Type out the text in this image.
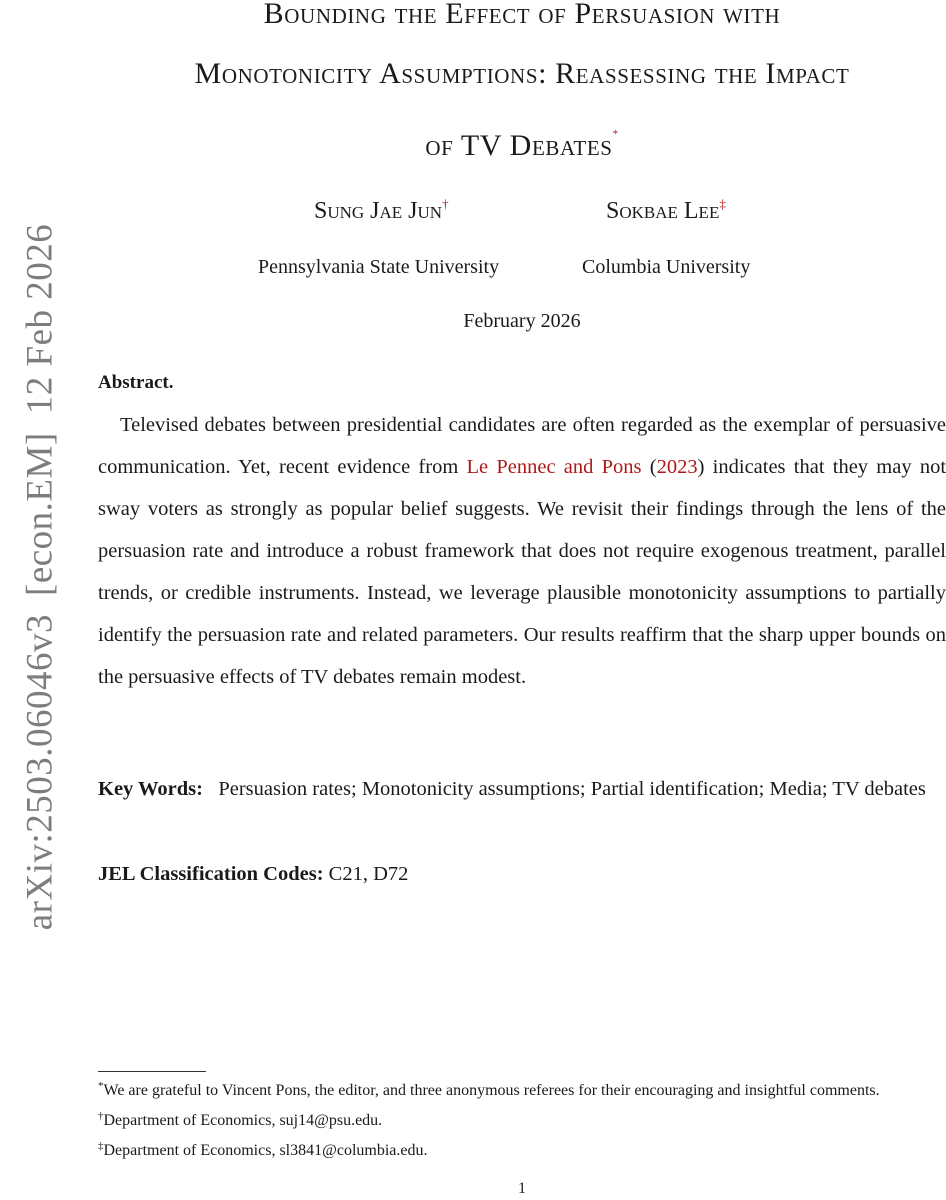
arXiv:2503.06046v3[econ.EM]12 Feb 2026
Bounding the Effect of Persuasion with
Monotonicity Assumptions: Reassessing the Impact
of TV Debates*
Sung Jae Jun†	Sokbae Lee‡
Pennsylvania State University	Columbia University
February 2026
Abstract.
Televised debates between presidential candidates are often regarded as the exemplar of persuasive communication. Yet, recent evidence from Le Pennec and Pons (2023) indicates that they may not sway voters as strongly as popular belief suggests. We revisit their findings through the lens of the persuasion rate and introduce a robust framework that does not require exogenous treatment, parallel trends, or credible instruments. Instead, we leverage plausible monotonicity assumptions to partially identify the persuasion rate and related parameters. Our results reaffirm that the sharp upper bounds on the persuasive effects of TV debates remain modest.
Key Words: Persuasion rates; Monotonicity assumptions; Partial identification; Media; TV debates
JEL Classification Codes: C21, D72

*We are grateful to Vincent Pons, the editor, and three anonymous referees for their encouraging and insightful comments.

†Department of Economics, suj14@psu.edu.

‡Department of Economics, sl3841@columbia.edu.

1
